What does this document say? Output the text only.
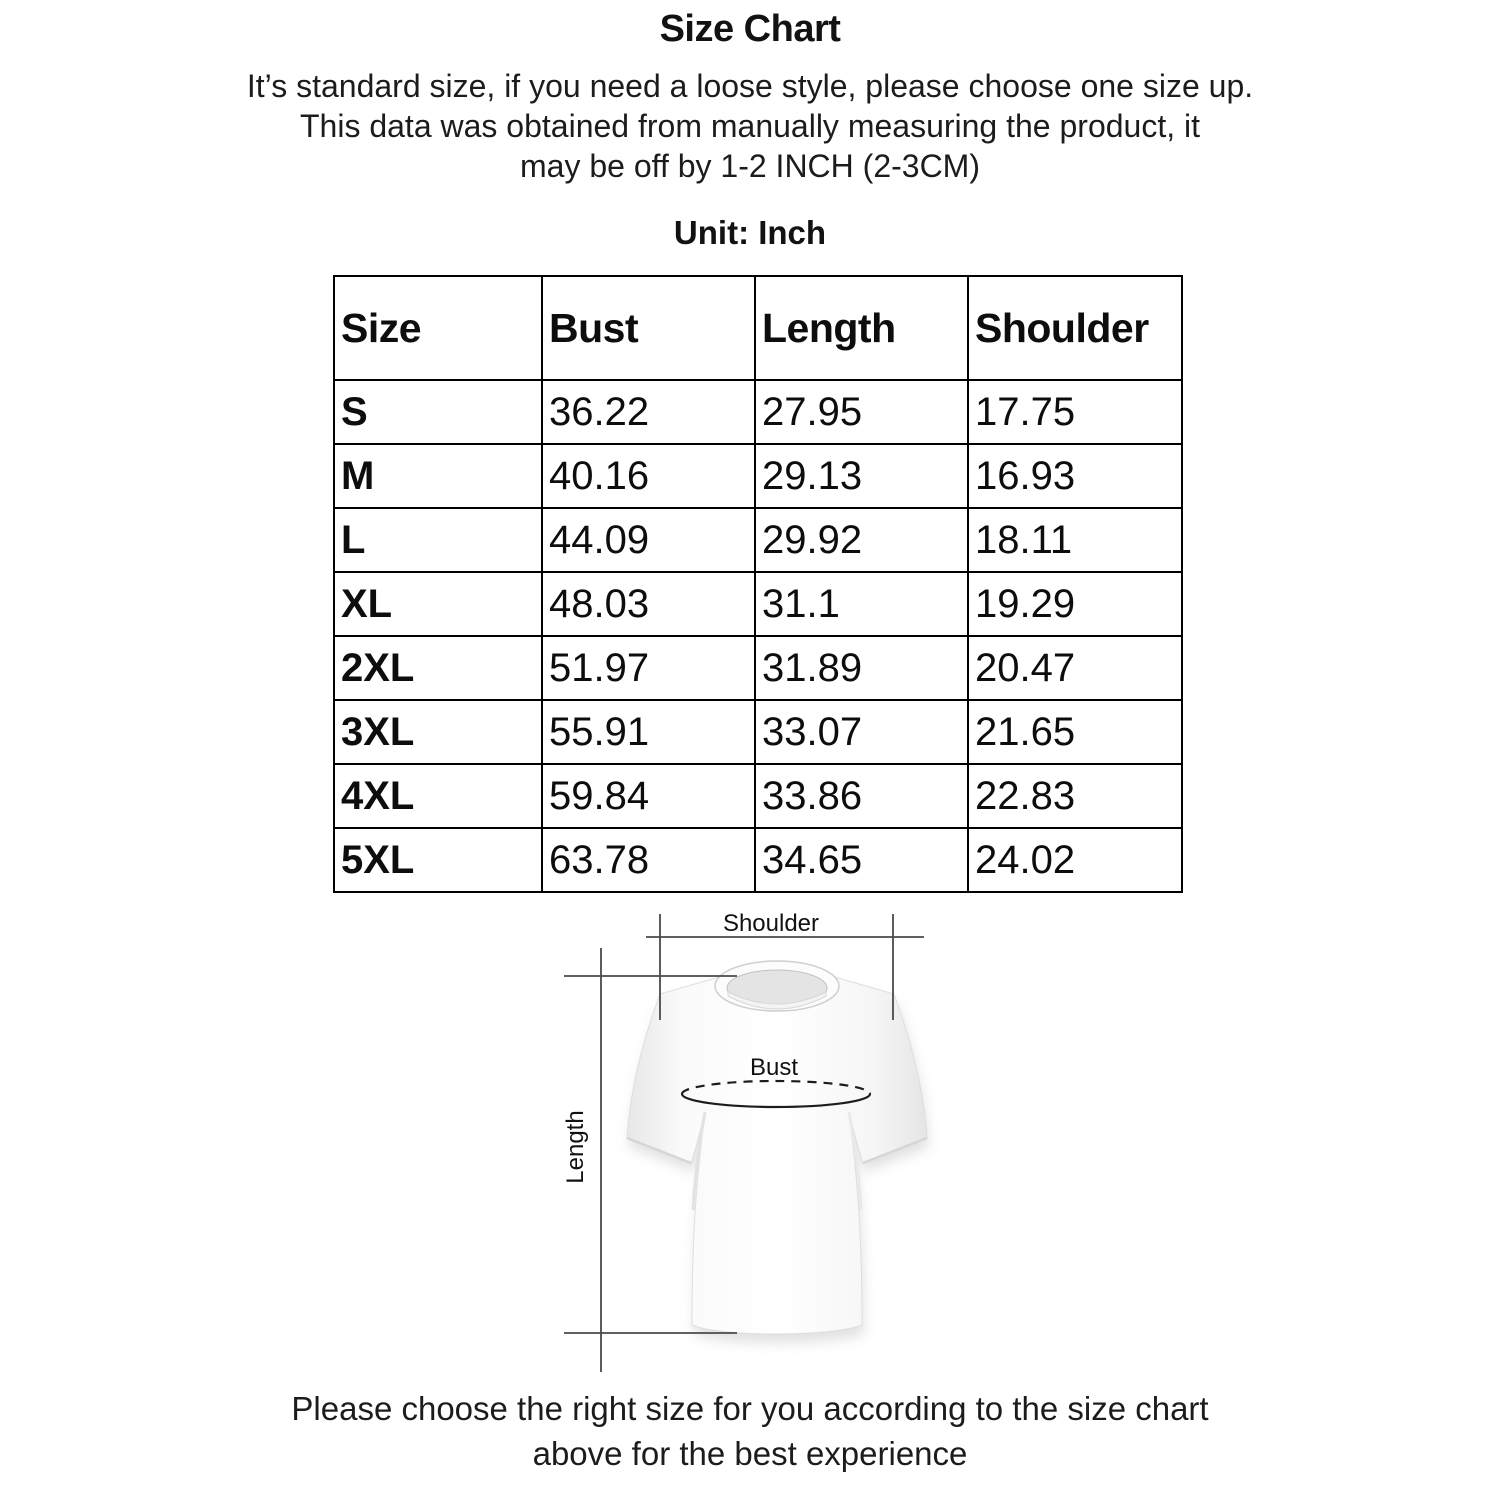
Size Chart
It’s standard size, if you need a loose style, please choose one size up.
This data was obtained from manually measuring the product, it
may be off by 1-2 INCH (2-3CM)
Unit: Inch
Size	Bust	Length	Shoulder
S	36.22	27.95	17.75
M	40.16	29.13	16.93
L	44.09	29.92	18.11
XL	48.03	31.1	19.29
2XL	51.97	31.89	20.47
3XL	55.91	33.07	21.65
4XL	59.84	33.86	22.83
5XL	63.78	34.65	24.02
Shoulder
Bust
Length
Please choose the right size for you according to the size chart
above for the best experience
